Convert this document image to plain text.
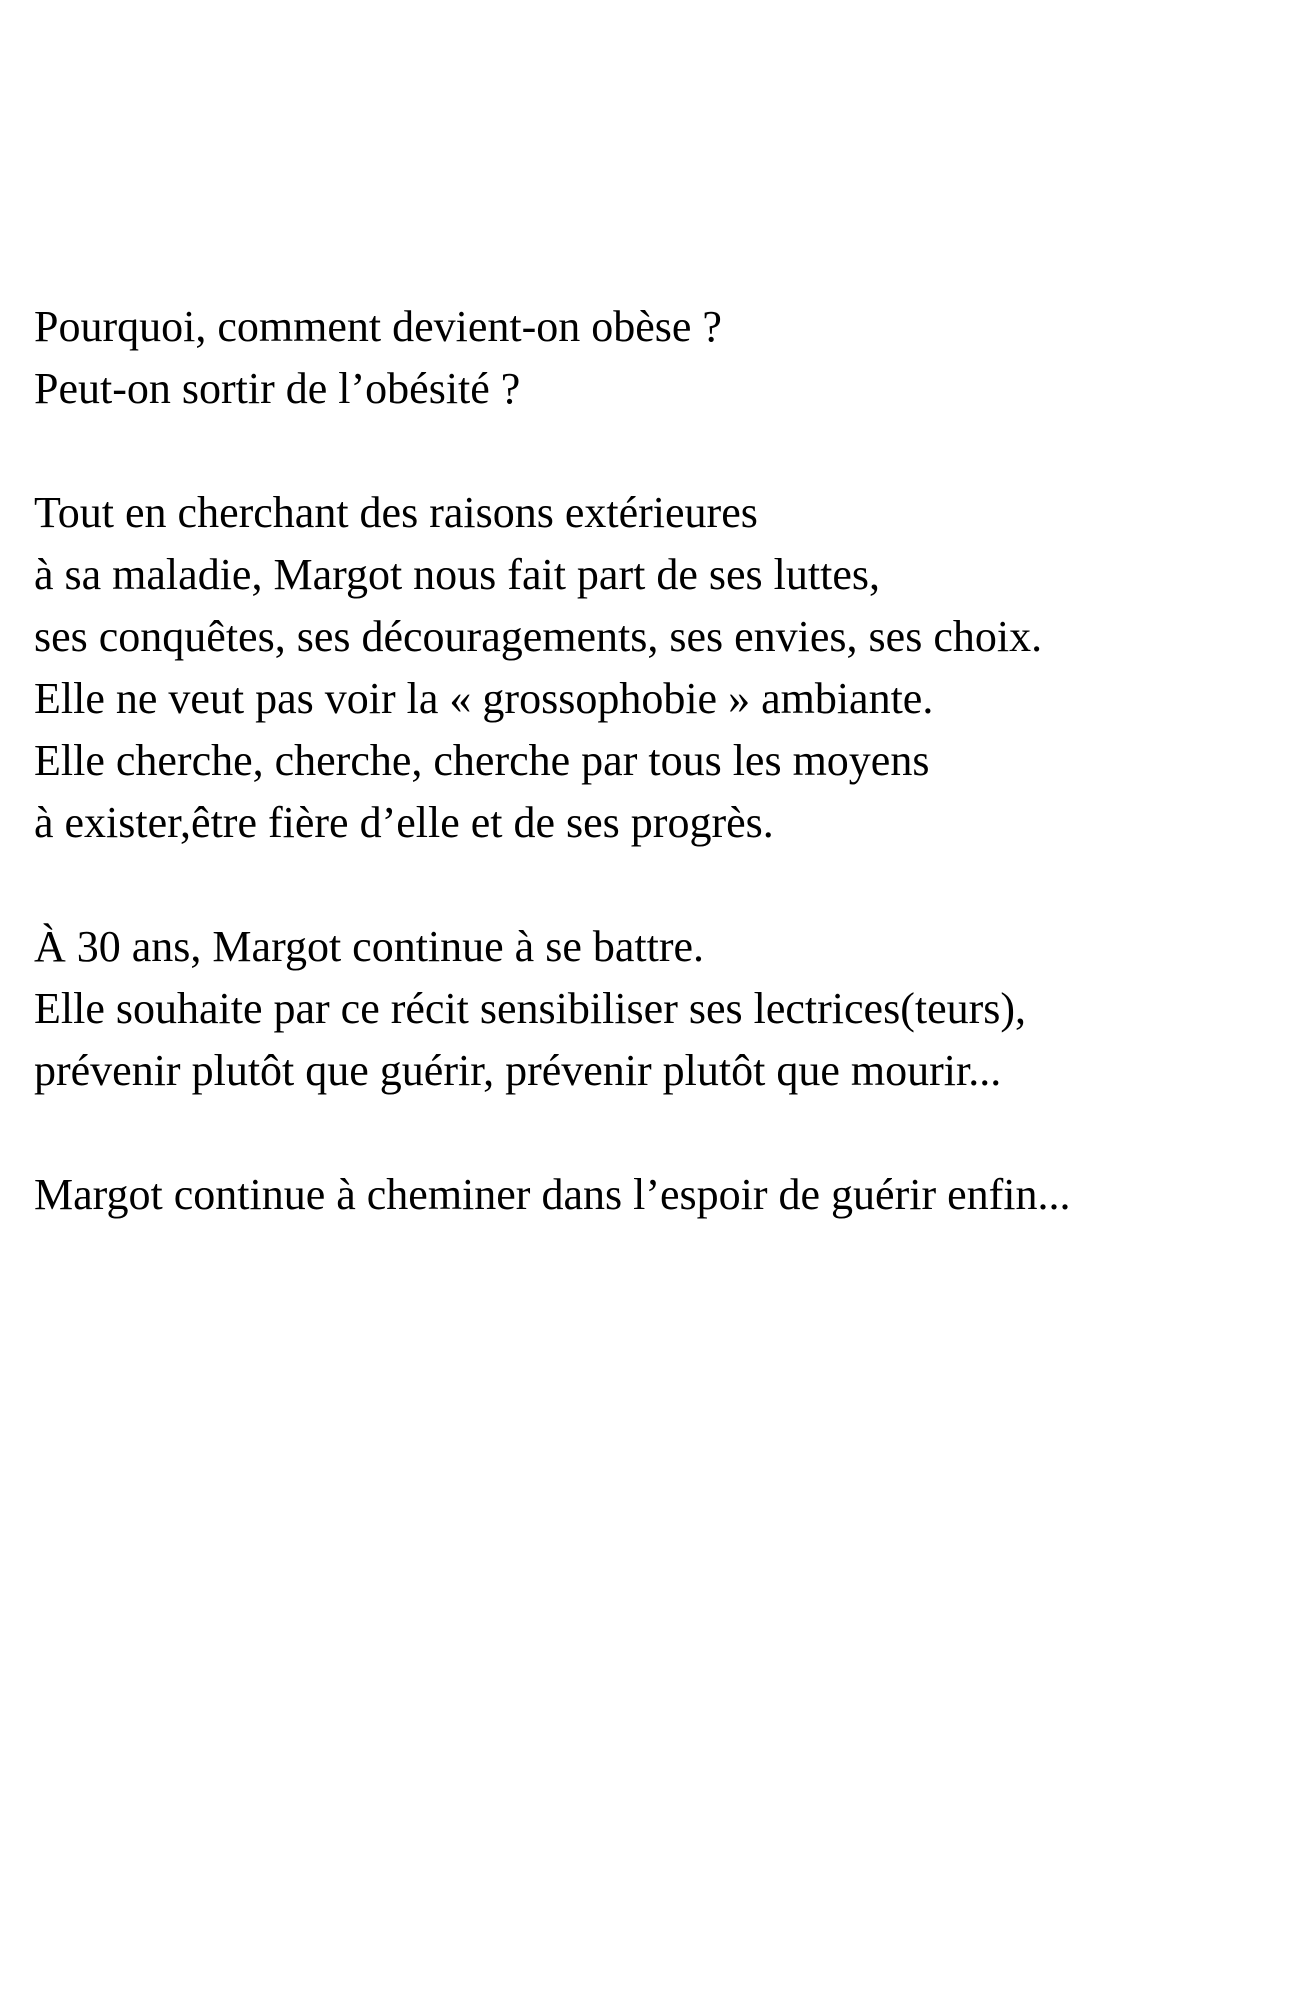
Pourquoi, comment devient-on obèse ?
Peut-on sortir de l’obésité ?

Tout en cherchant des raisons extérieures
à sa maladie, Margot nous fait part de ses luttes,
ses conquêtes, ses découragements, ses envies, ses choix.
Elle ne veut pas voir la « grossophobie » ambiante.
Elle cherche, cherche, cherche par tous les moyens
à exister,être fière d’elle et de ses progrès.

À 30 ans, Margot continue à se battre.
Elle souhaite par ce récit sensibiliser ses lectrices(teurs),
prévenir plutôt que guérir, prévenir plutôt que mourir...

Margot continue à cheminer dans l’espoir de guérir enfin...
